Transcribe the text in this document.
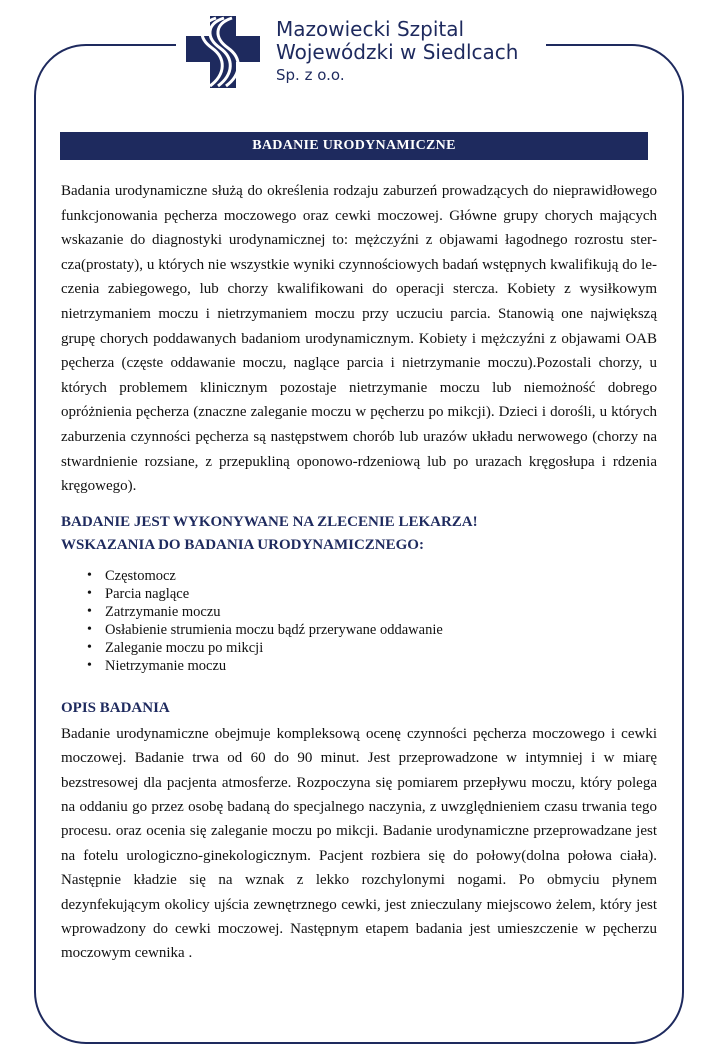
Mazowiecki Szpital
Wojewódzki w Siedlcach
Sp. z o.o.
BADANIE URODYNAMICZNE

Badania urodynamiczne służą do określenia rodzaju zaburzeń prowadzących do nieprawidłowego funkcjonowania pęcherza moczowego oraz cewki moczowej. Główne grupy chorych mających wskazanie do diagnostyki urodynamicznej to: mężczyźni z objawami łagodnego rozrostu stercza(prostaty), u których nie wszystkie wyniki czynnościowych badań wstępnych kwalifikują do leczenia zabiegowego, lub chorzy kwalifikowani do operacji stercza. Kobiety z wysiłkowym nietrzymaniem moczu i nietrzymaniem moczu przy uczuciu parcia. Stanowią one największą grupę chorych poddawanych badaniom urodynamicznym. Kobiety i mężczyźni z objawami OAB pęcherza (częste oddawanie moczu, naglące parcia i nietrzymanie moczu).Pozostali chorzy, u których problemem klinicznym pozostaje nietrzymanie moczu lub niemożność dobrego opróżnienia pęcherza (znaczne zaleganie moczu w pęcherzu po mikcji). Dzieci i dorośli, u których zaburzenia czynności pęcherza są następstwem chorób lub urazów układu nerwowego (chorzy na stwardnienie rozsiane, z przepukliną oponowo-rdzeniową lub po urazach kręgosłupa i rdzenia kręgowego).

BADANIE JEST WYKONYWANE NA ZLECENIE LEKARZA!

WSKAZANIA DO BADANIA URODYNAMICZNEGO:

• Częstomocz
• Parcia naglące
• Zatrzymanie moczu
• Osłabienie strumienia moczu bądź przerywane oddawanie
• Zaleganie moczu po mikcji
• Nietrzymanie moczu

OPIS BADANIA

Badanie urodynamiczne obejmuje kompleksową ocenę czynności pęcherza moczowego i cewki moczowej. Badanie trwa od 60 do 90 minut. Jest przeprowadzone w intymniej i w miarę bezstresowej dla pacjenta atmosferze. Rozpoczyna się pomiarem przepływu moczu, który polega na oddaniu go przez osobę badaną do specjalnego naczynia, z uwzględnieniem czasu trwania tego procesu. oraz ocenia się zaleganie moczu po mikcji. Badanie urodynamiczne przeprowadzane jest na fotelu urologiczno-ginekologicznym. Pacjent rozbiera się do połowy(dolna połowa ciała). Następnie kładzie się na wznak z lekko rozchylonymi nogami. Po obmyciu płynem dezynfekującym okolicy ujścia zewnętrznego cewki, jest znieczulany miejscowo żelem, który jest wprowadzony do cewki moczowej. Następnym etapem badania jest umieszczenie w pęcherzu moczowym cewnika .
